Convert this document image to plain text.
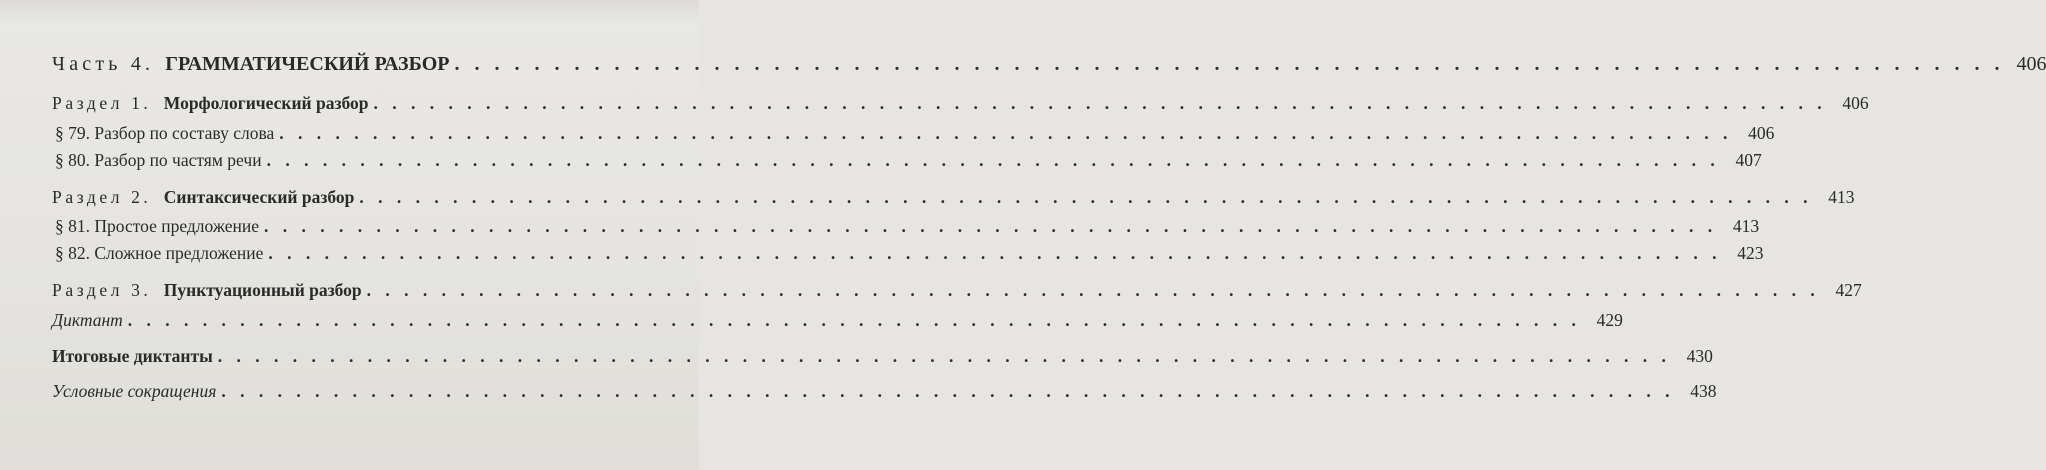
Часть 4. ГРАММАТИЧЕСКИЙ РАЗБОР . . . . . . . . . . . . . . . . . . . . . . . . . . . . . . . . . . . . . . . . . . . . . . . . . . . . . . . . . . . . . . . . . . . . . . . . . . . . . . 406
Раздел 1. Морфологический разбор . . . . . . . . . . . . . . . . . . . . . . . . . . . . . . . . . . . . . . . . . . . . . . . . . . . . . . . . . . . . . . . . . . . . . . . . . . . . . . 406
§ 79. Разбор по составу слова . . . . . . . . . . . . . . . . . . . . . . . . . . . . . . . . . . . . . . . . . . . . . . . . . . . . . . . . . . . . . . . . . . . . . . . . . . . . . . 406
§ 80. Разбор по частям речи . . . . . . . . . . . . . . . . . . . . . . . . . . . . . . . . . . . . . . . . . . . . . . . . . . . . . . . . . . . . . . . . . . . . . . . . . . . . . . 407
Раздел 2. Синтаксический разбор . . . . . . . . . . . . . . . . . . . . . . . . . . . . . . . . . . . . . . . . . . . . . . . . . . . . . . . . . . . . . . . . . . . . . . . . . . . . . . 413
§ 81. Простое предложение . . . . . . . . . . . . . . . . . . . . . . . . . . . . . . . . . . . . . . . . . . . . . . . . . . . . . . . . . . . . . . . . . . . . . . . . . . . . . . 413
§ 82. Сложное предложение . . . . . . . . . . . . . . . . . . . . . . . . . . . . . . . . . . . . . . . . . . . . . . . . . . . . . . . . . . . . . . . . . . . . . . . . . . . . . . 423
Раздел 3. Пунктуационный разбор . . . . . . . . . . . . . . . . . . . . . . . . . . . . . . . . . . . . . . . . . . . . . . . . . . . . . . . . . . . . . . . . . . . . . . . . . . . . . . 427
Диктант . . . . . . . . . . . . . . . . . . . . . . . . . . . . . . . . . . . . . . . . . . . . . . . . . . . . . . . . . . . . . . . . . . . . . . . . . . . . . . 429
Итоговые диктанты . . . . . . . . . . . . . . . . . . . . . . . . . . . . . . . . . . . . . . . . . . . . . . . . . . . . . . . . . . . . . . . . . . . . . . . . . . . . . . 430
Условные сокращения . . . . . . . . . . . . . . . . . . . . . . . . . . . . . . . . . . . . . . . . . . . . . . . . . . . . . . . . . . . . . . . . . . . . . . . . . . . . . . 438
